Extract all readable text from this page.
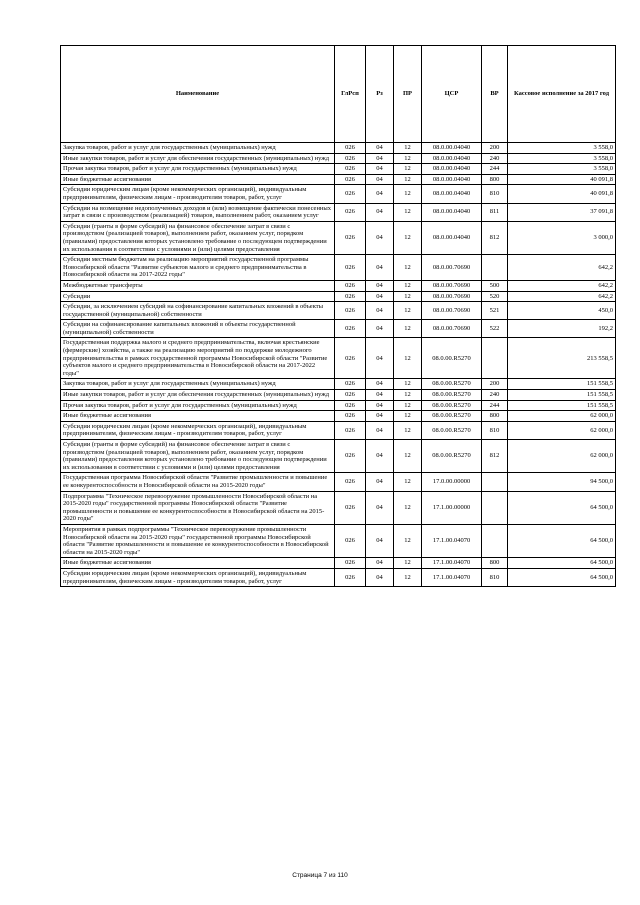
Наименование	ГлРсп	Рз	ПР	ЦСР	ВР	Кассовое исполнение за 2017 год
Закупка товаров, работ и услуг для государственных (муниципальных) нужд	026	04	12	08.0.00.04040	200	3 558,0
Иные закупки товаров, работ и услуг для обеспечения государственных (муниципальных) нужд	026	04	12	08.0.00.04040	240	3 558,0
Прочая закупка товаров, работ и услуг для государственных (муниципальных) нужд	026	04	12	08.0.00.04040	244	3 558,0
Иные бюджетные ассигнования	026	04	12	08.0.00.04040	800	40 091,8
Субсидии юридическим лицам (кроме некоммерческих организаций), индивидуальным предпринимателям, физическим лицам - производителям товаров, работ, услуг	026	04	12	08.0.00.04040	810	40 091,8
Субсидии на возмещение недополученных доходов и (или) возмещение фактически понесенных затрат в связи с производством (реализацией) товаров, выполнением работ, оказанием услуг	026	04	12	08.0.00.04040	811	37 091,8
Субсидии (гранты в форме субсидий) на финансовое обеспечение затрат в связи с производством (реализацией товаров), выполнением работ, оказанием услуг, порядком (правилами) предоставления которых установлено требование о последующем подтверждении их использования в соответствии с условиями и (или) целями предоставления	026	04	12	08.0.00.04040	812	3 000,0
Субсидии местным бюджетам на реализацию мероприятий государственной программы Новосибирской области "Развитие субъектов малого и среднего предпринимательства в Новосибирской области на 2017-2022 годы"	026	04	12	08.0.00.70690		642,2
Межбюджетные трансферты	026	04	12	08.0.00.70690	500	642,2
Субсидии	026	04	12	08.0.00.70690	520	642,2
Субсидии, за исключением субсидий на софинансирование капитальных вложений в объекты государственной (муниципальной) собственности	026	04	12	08.0.00.70690	521	450,0
Субсидии на софинансирование капитальных вложений в объекты государственной (муниципальной) собственности	026	04	12	08.0.00.70690	522	192,2
Государственная поддержка малого и среднего предпринимательства, включая крестьянские (фермерские) хозяйства, а также на реализацию мероприятий по поддержке молодежного предпринимательства в рамках государственной программы Новосибирской области "Развитие субъектов малого и среднего предпринимательства в Новосибирской области на 2017-2022 годы"	026	04	12	08.0.00.R5270		213 558,5
Закупка товаров, работ и услуг для государственных (муниципальных) нужд	026	04	12	08.0.00.R5270	200	151 558,5
Иные закупки товаров, работ и услуг для обеспечения государственных (муниципальных) нужд	026	04	12	08.0.00.R5270	240	151 558,5
Прочая закупка товаров, работ и услуг для государственных (муниципальных) нужд	026	04	12	08.0.00.R5270	244	151 558,5
Иные бюджетные ассигнования	026	04	12	08.0.00.R5270	800	62 000,0
Субсидии юридическим лицам (кроме некоммерческих организаций), индивидуальным предпринимателям, физическим лицам - производителям товаров, работ, услуг	026	04	12	08.0.00.R5270	810	62 000,0
Субсидии (гранты в форме субсидий) на финансовое обеспечение затрат в связи с производством (реализацией товаров), выполнением работ, оказанием услуг, порядком (правилами) предоставления которых установлено требование о последующем подтверждении их использования в соответствии с условиями и (или) целями предоставления	026	04	12	08.0.00.R5270	812	62 000,0
Государственная программа Новосибирской области "Развитие промышленности и повышение ее конкурентоспособности в Новосибирской области на 2015-2020 годы"	026	04	12	17.0.00.00000		94 500,0
Подпрограмма "Техническое перевооружение промышленности Новосибирской области на 2015-2020 годы" государственной программы Новосибирской области "Развитие промышленности и повышение ее конкурентоспособности в Новосибирской области на 2015-2020 годы"	026	04	12	17.1.00.00000		64 500,0
Мероприятия в рамках подпрограммы "Техническое перевооружение промышленности Новосибирской области на 2015-2020 годы" государственной программы Новосибирской области "Развитие промышленности и повышение ее конкурентоспособности в Новосибирской области на 2015-2020 годы"	026	04	12	17.1.00.04070		64 500,0
Иные бюджетные ассигнования	026	04	12	17.1.00.04070	800	64 500,0
Субсидии юридическим лицам (кроме некоммерческих организаций), индивидуальным предпринимателям, физическим лицам - производителям товаров, работ, услуг	026	04	12	17.1.00.04070	810	64 500,0
Страница 7 из 110
